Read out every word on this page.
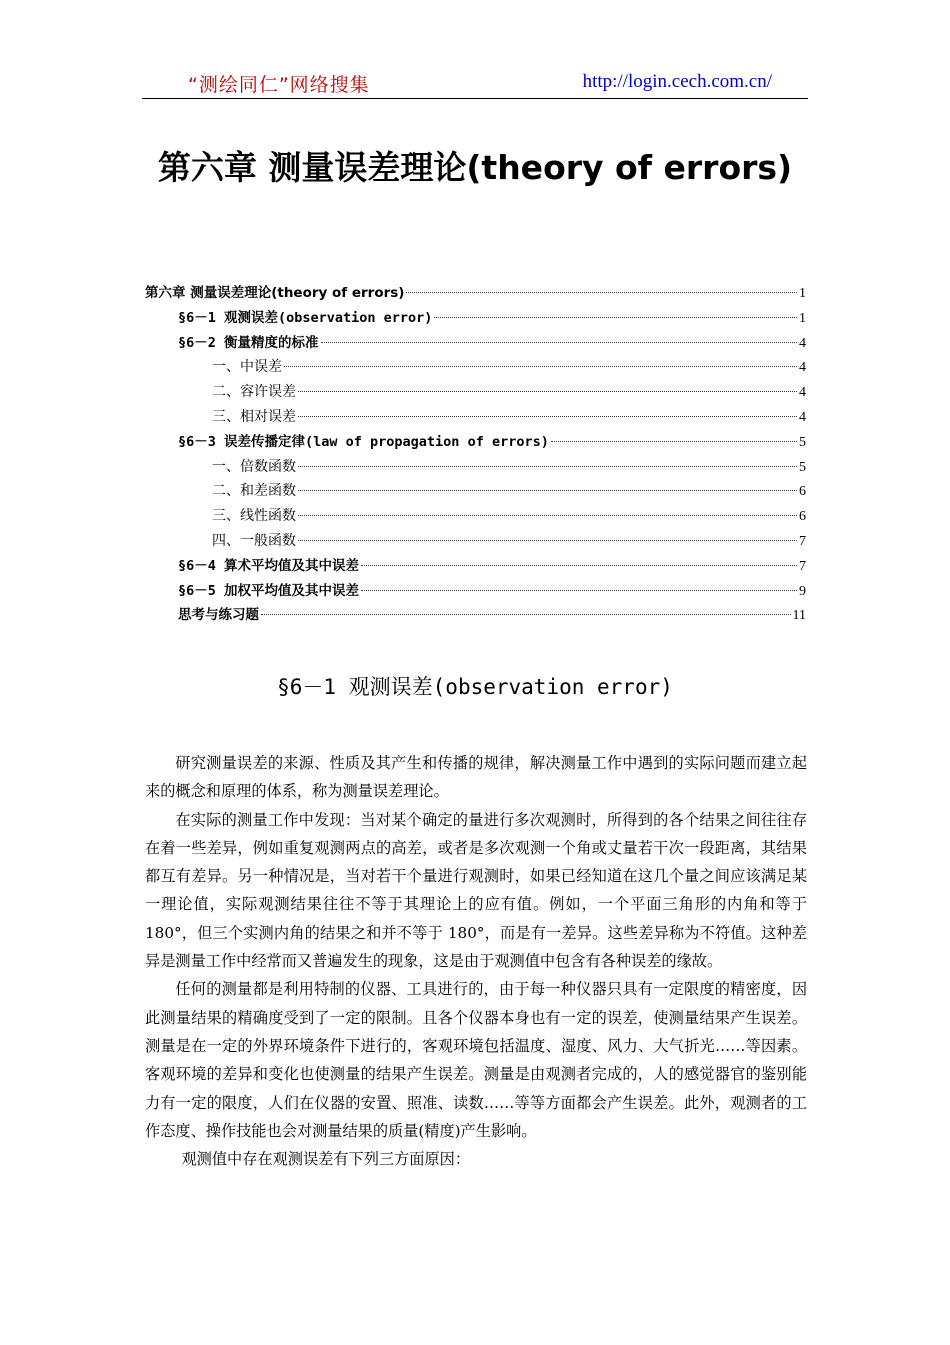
“测绘同仁”网络搜集	http://login.cech.com.cn/
第六章 测量误差理论(theory of errors)
第六章 测量误差理论(theory of errors)	1
§6－1 观测误差(observation error)	1
§6－2 衡量精度的标准	4
一、中误差	4
二、容许误差	4
三、相对误差	4
§6－3 误差传播定律(law of propagation of errors)	5
一、倍数函数	5
二、和差函数	6
三、线性函数	6
四、一般函数	7
§6－4 算术平均值及其中误差	7
§6－5 加权平均值及其中误差	9
思考与练习题	11
§6－1 观测误差(observation error)

研究测量误差的来源、性质及其产生和传播的规律，解决测量工作中遇到的实际问题而建立起来的概念和原理的体系，称为测量误差理论。

在实际的测量工作中发现：当对某个确定的量进行多次观测时，所得到的各个结果之间往往存在着一些差异，例如重复观测两点的高差，或者是多次观测一个角或丈量若干次一段距离，其结果都互有差异。另一种情况是，当对若干个量进行观测时，如果已经知道在这几个量之间应该满足某一理论值，实际观测结果往往不等于其理论上的应有值。例如，一个平面三角形的内角和等于 180°，但三个实测内角的结果之和并不等于 180°，而是有一差异。这些差异称为不符值。这种差异是测量工作中经常而又普遍发生的现象，这是由于观测值中包含有各种误差的缘故。

任何的测量都是利用特制的仪器、工具进行的，由于每一种仪器只具有一定限度的精密度，因此测量结果的精确度受到了一定的限制。且各个仪器本身也有一定的误差，使测量结果产生误差。测量是在一定的外界环境条件下进行的，客观环境包括温度、湿度、风力、大气折光……等因素。客观环境的差异和变化也使测量的结果产生误差。测量是由观测者完成的，人的感觉器官的鉴别能力有一定的限度，人们在仪器的安置、照准、读数……等等方面都会产生误差。此外，观测者的工作态度、操作技能也会对测量结果的质量(精度)产生影响。

观测值中存在观测误差有下列三方面原因：
